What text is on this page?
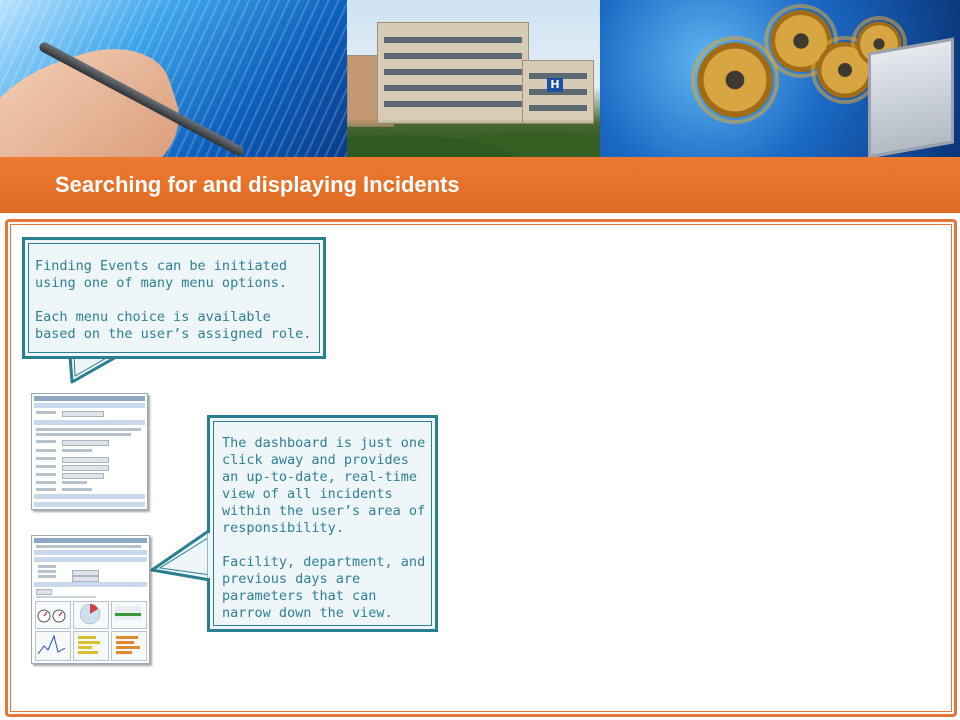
H
Searching for and displaying Incidents

Finding Events can be initiated using one of many menu options.

Each menu choice is available based on the user’s assigned role.

The dashboard is just one click away and provides an up-to-date, real-time view of all incidents within the user’s area of responsibility.

Facility, department, and previous days are parameters that can narrow down the view.
